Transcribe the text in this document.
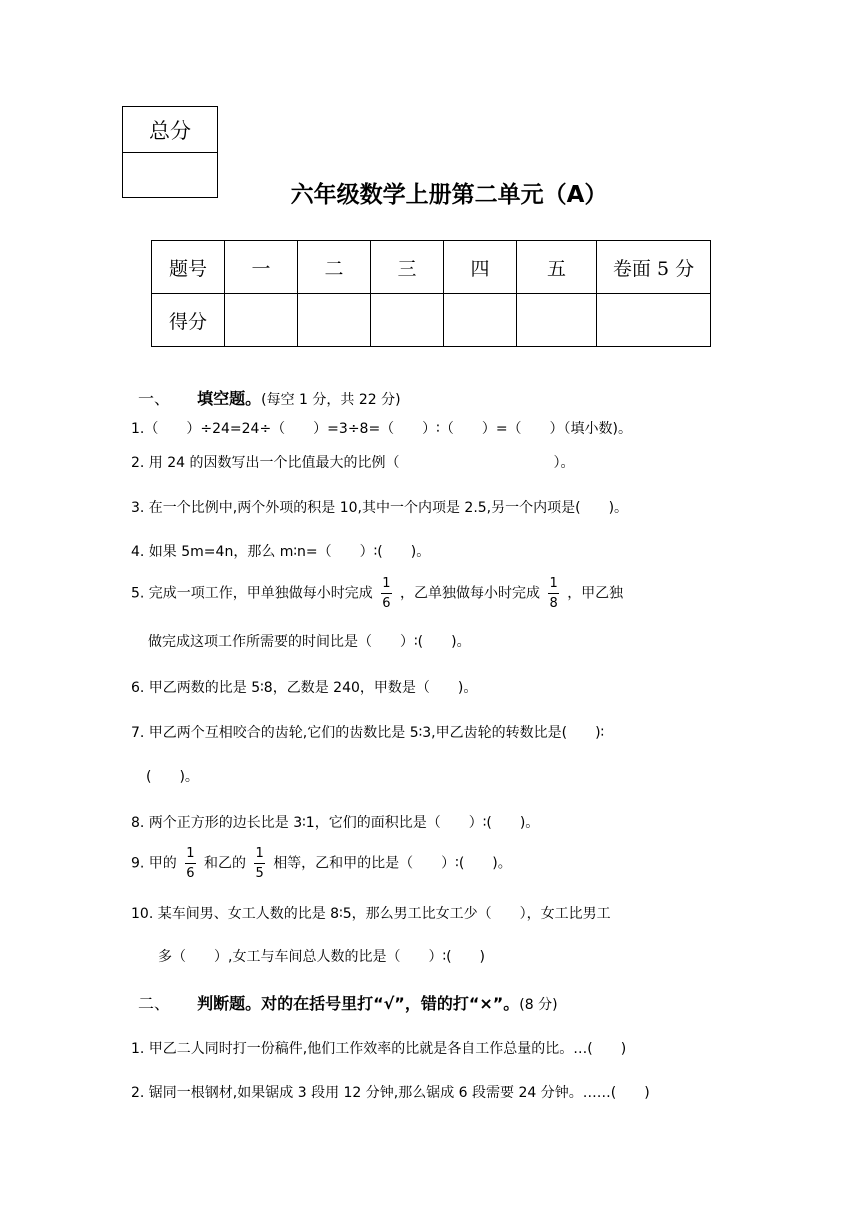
总分
六年级数学上册第二单元（A）
题号	一	二	三	四	五	卷面 5 分
得分						
一、 填空题。(每空 1 分，共 22 分)
1.（　　）÷24=24÷（　　）=3÷8=（　　）∶（　　）=（　　）（填小数)。
2. 用 24 的因数写出一个比值最大的比例（　　　　　　　　　　　）。
3. 在一个比例中,两个外项的积是 10,其中一个内项是 2.5,另一个内项是(　　)。
4. 如果 5m=4n，那么 m∶n=（　　）∶(　　)。
5. 完成一项工作，甲单独做每小时完成 $\frac{1}{6}$ ，乙单独做每小时完成 $\frac{1}{8}$ ，甲乙独
做完成这项工作所需要的时间比是（　　）∶(　　)。
6. 甲乙两数的比是 5∶8，乙数是 240，甲数是（　　)。
7. 甲乙两个互相咬合的齿轮,它们的齿数比是 5∶3,甲乙齿轮的转数比是(　　)∶
(　　)。
8. 两个正方形的边长比是 3∶1，它们的面积比是（　　）∶(　　)。
9. 甲的 $\frac{1}{6}$ 和乙的 $\frac{1}{5}$ 相等，乙和甲的比是（　　）∶(　　)。
10. 某车间男、女工人数的比是 8∶5，那么男工比女工少（　　），女工比男工
多（　　）,女工与车间总人数的比是（　　）∶(　　)
二、 判断题。对的在括号里打“√”，错的打“×”。(8 分)
1. 甲乙二人同时打一份稿件,他们工作效率的比就是各自工作总量的比。…(　　)
2. 锯同一根钢材,如果锯成 3 段用 12 分钟,那么锯成 6 段需要 24 分钟。……(　　)
